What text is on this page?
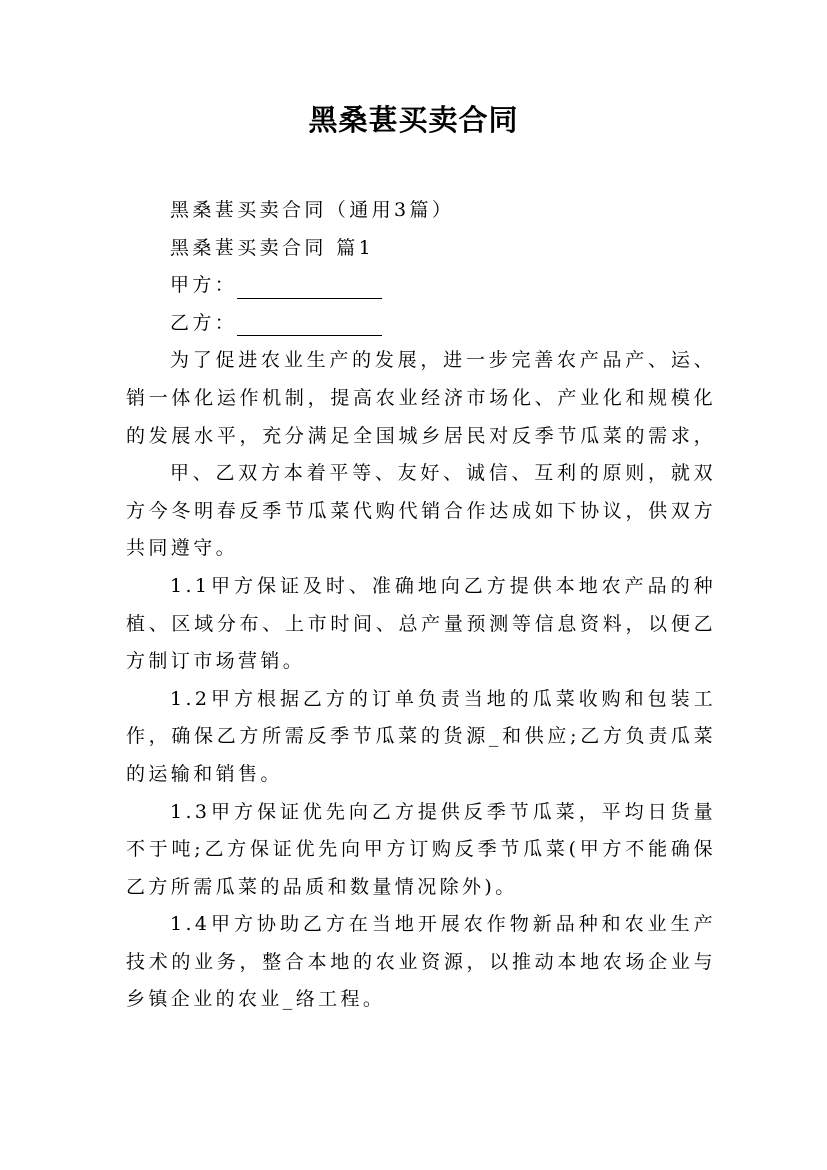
黑桑葚买卖合同
黑桑葚买卖合同（通用3篇）
黑桑葚买卖合同 篇1
甲方：
乙方：
为了促进农业生产的发展，进一步完善农产品产、运、
销一体化运作机制，提高农业经济市场化、产业化和规模化
的发展水平，充分满足全国城乡居民对反季节瓜菜的需求，
甲、乙双方本着平等、友好、诚信、互利的原则，就双
方今冬明春反季节瓜菜代购代销合作达成如下协议，供双方
共同遵守。
1.1甲方保证及时、准确地向乙方提供本地农产品的种
植、区域分布、上市时间、总产量预测等信息资料，以便乙
方制订市场营销。
1.2甲方根据乙方的订单负责当地的瓜菜收购和包装工
作，确保乙方所需反季节瓜菜的货源_和供应;乙方负责瓜菜
的运输和销售。
1.3甲方保证优先向乙方提供反季节瓜菜，平均日货量
不于吨;乙方保证优先向甲方订购反季节瓜菜(甲方不能确保
乙方所需瓜菜的品质和数量情况除外)。
1.4甲方协助乙方在当地开展农作物新品种和农业生产
技术的业务，整合本地的农业资源，以推动本地农场企业与
乡镇企业的农业_络工程。
